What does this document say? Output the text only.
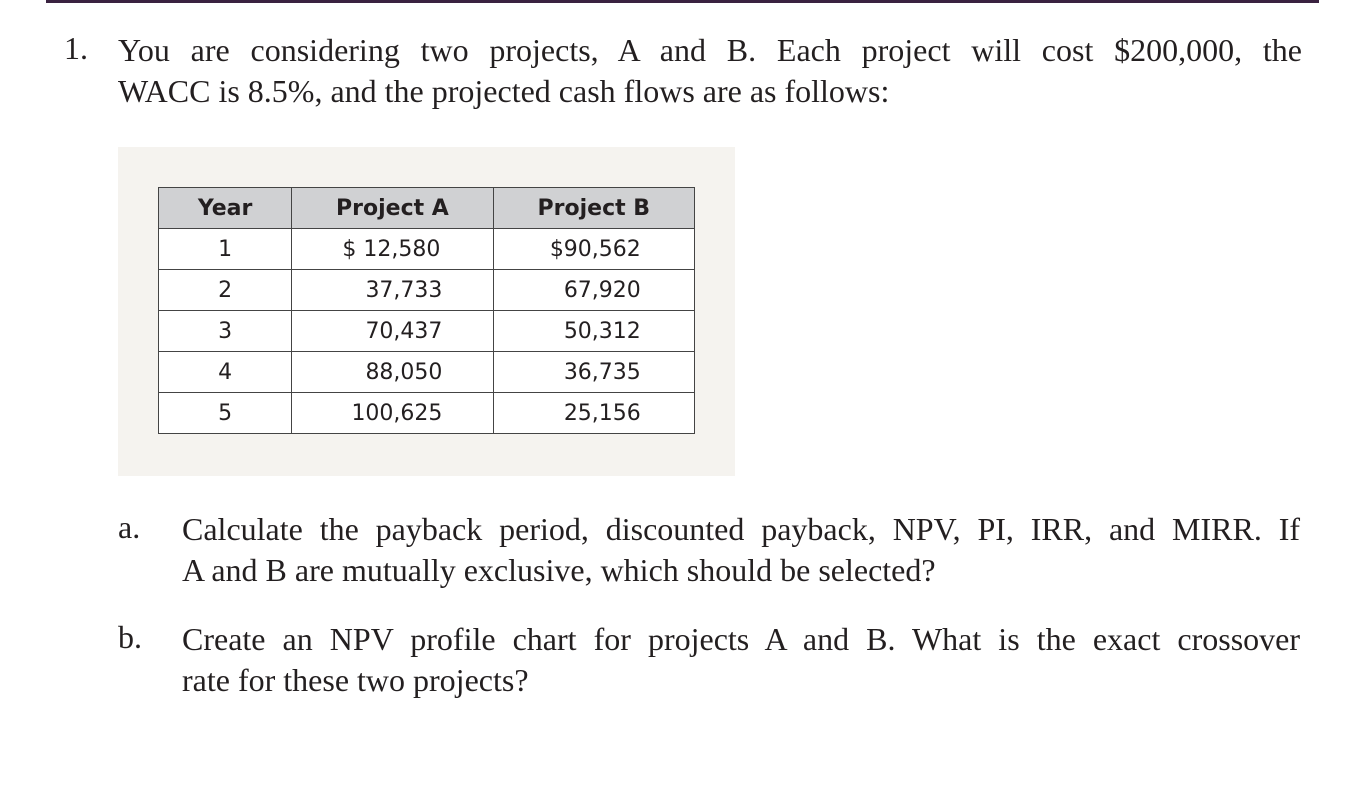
1. You are considering two projects, A and B. Each project will cost $200,000, the
WACC is 8.5%, and the projected cash flows are as follows:
Year	Project A	Project B
1	$ 12,580	$90,562
2	37,733	67,920
3	70,437	50,312
4	88,050	36,735
5	100,625	25,156
a. Calculate the payback period, discounted payback, NPV, PI, IRR, and MIRR. If
A and B are mutually exclusive, which should be selected?
b. Create an NPV profile chart for projects A and B. What is the exact crossover
rate for these two projects?
